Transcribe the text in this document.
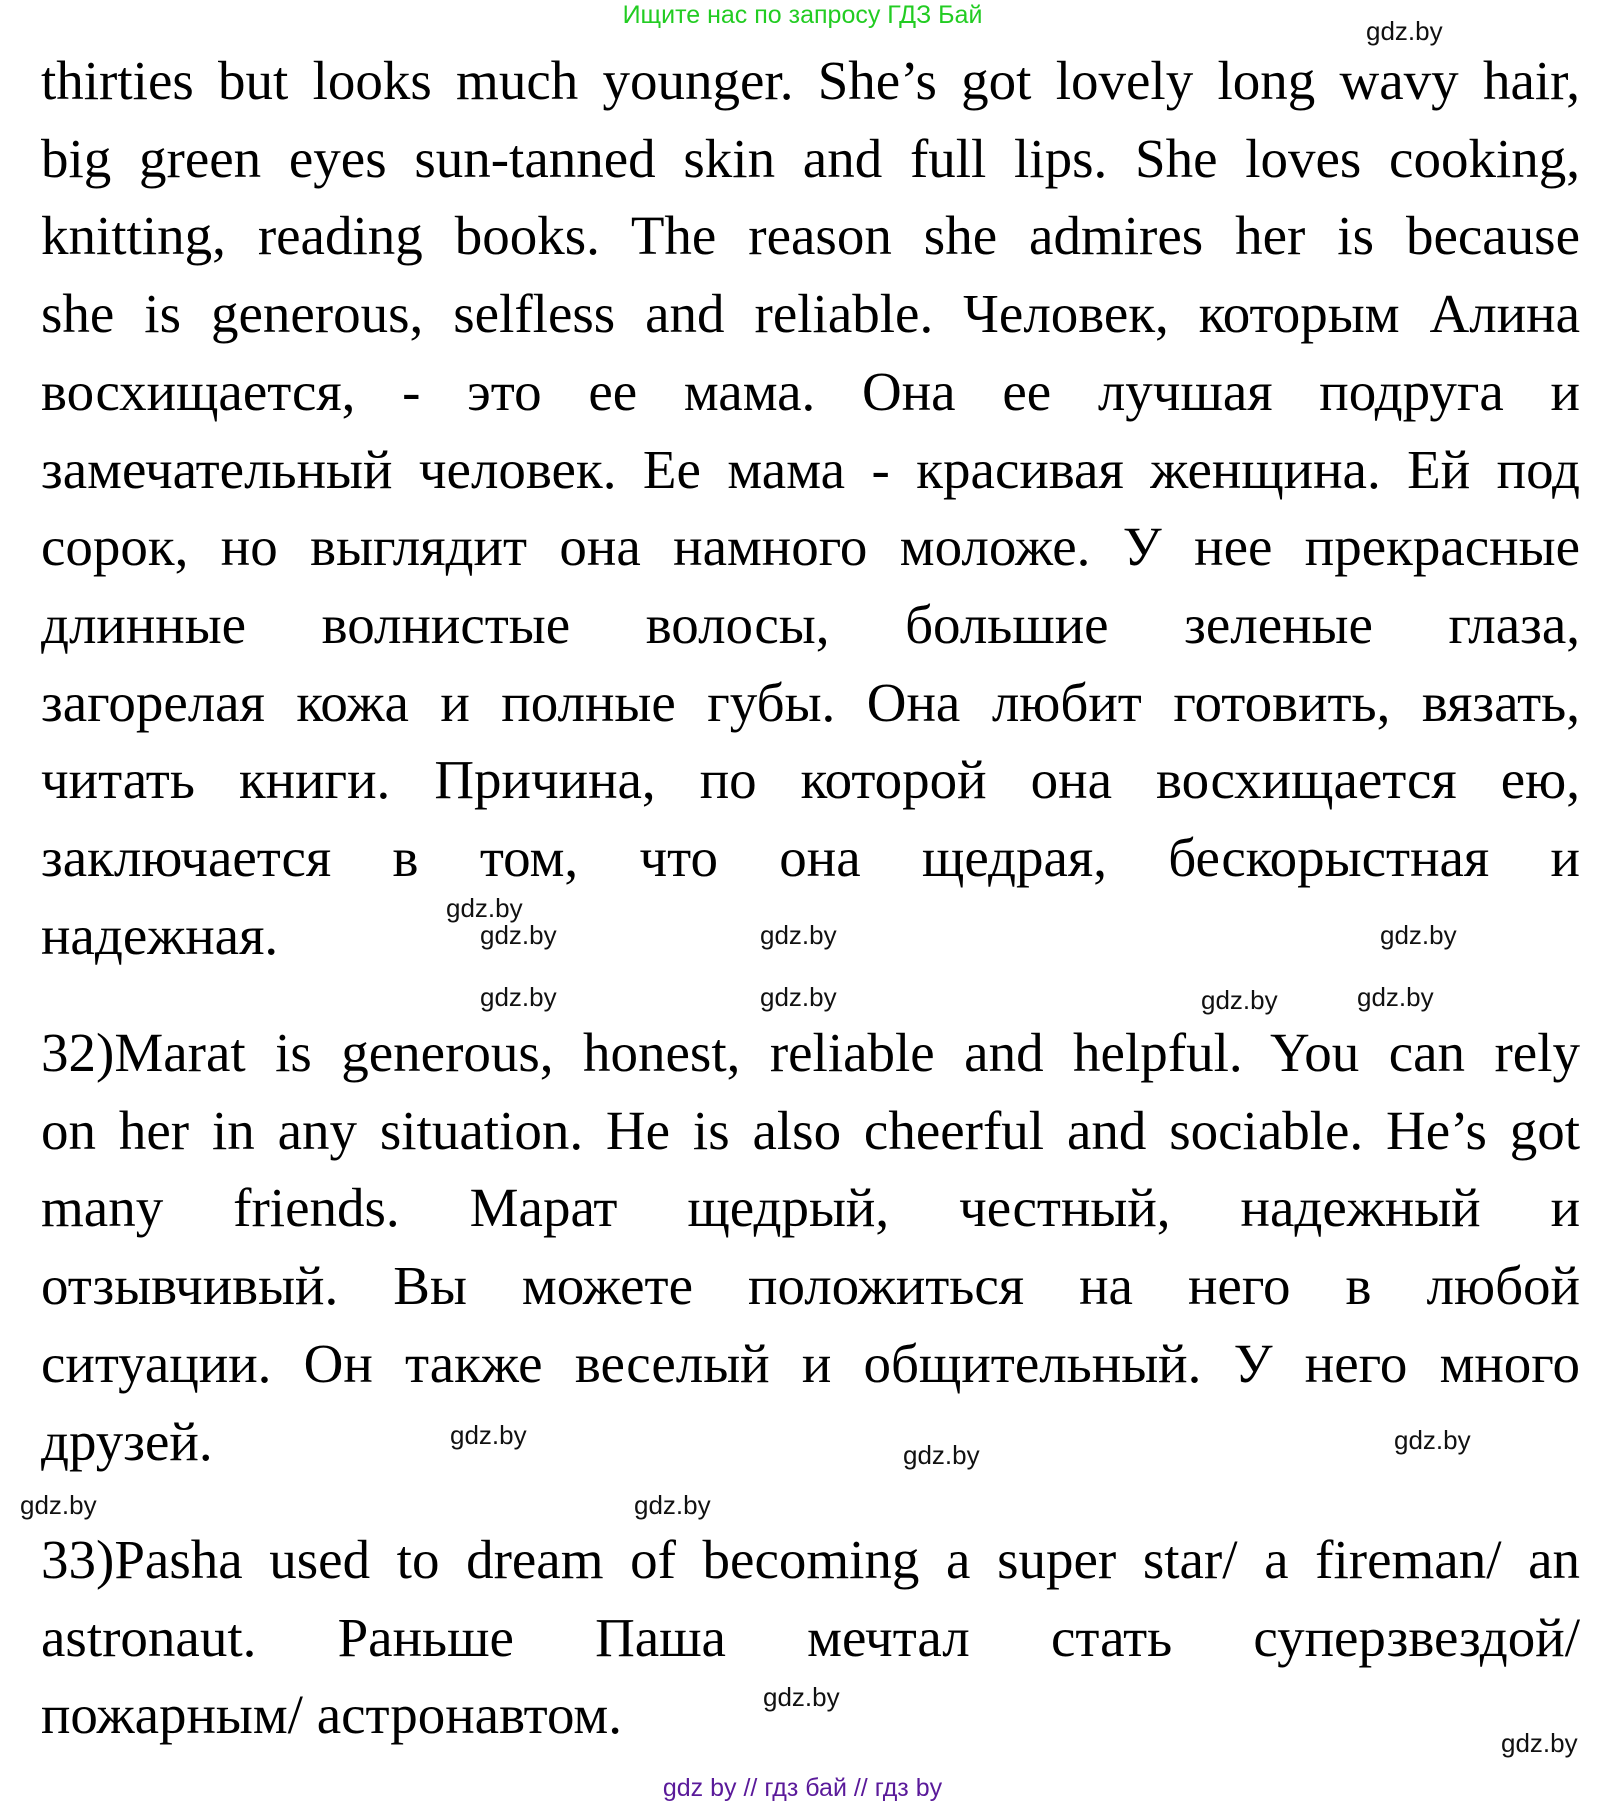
Ищите нас по запросу ГДЗ Бай
thirties but looks much younger. She’s got lovely long wavy hair,
big green eyes sun-tanned skin and full lips. She loves cooking,
knitting, reading books. The reason she admires her is because
she is generous, selfless and reliable. Человек, которым Алина
восхищается, - это ее мама. Она ее лучшая подруга и
замечательный человек. Ее мама - красивая женщина. Ей под
сорок, но выглядит она намного моложе. У нее прекрасные
длинные волнистые волосы, большие зеленые глаза,
загорелая кожа и полные губы. Она любит готовить, вязать,
читать книги. Причина, по которой она восхищается ею,
заключается в том, что она щедрая, бескорыстная и
надежная.
32)Marat is generous, honest, reliable and helpful. You can rely
on her in any situation. He is also cheerful and sociable. He’s got
many friends. Марат щедрый, честный, надежный и
отзывчивый. Вы можете положиться на него в любой
ситуации. Он также веселый и общительный. У него много
друзей.
33)Pasha used to dream of becoming a super star/ a fireman/ an
astronaut. Раньше Паша мечтал стать суперзвездой/
пожарным/ астронавтом.
gdz.by
gdz.by	gdz.by	gdz.by
gdz.by	gdz.by	gdz.by
gdz.by
gdz.by
gdz.by
gdz.by
gdz.by
gdz.by
gdz.by
gdz.by
gdz.by
gdz by // гдз бай // гдз by
